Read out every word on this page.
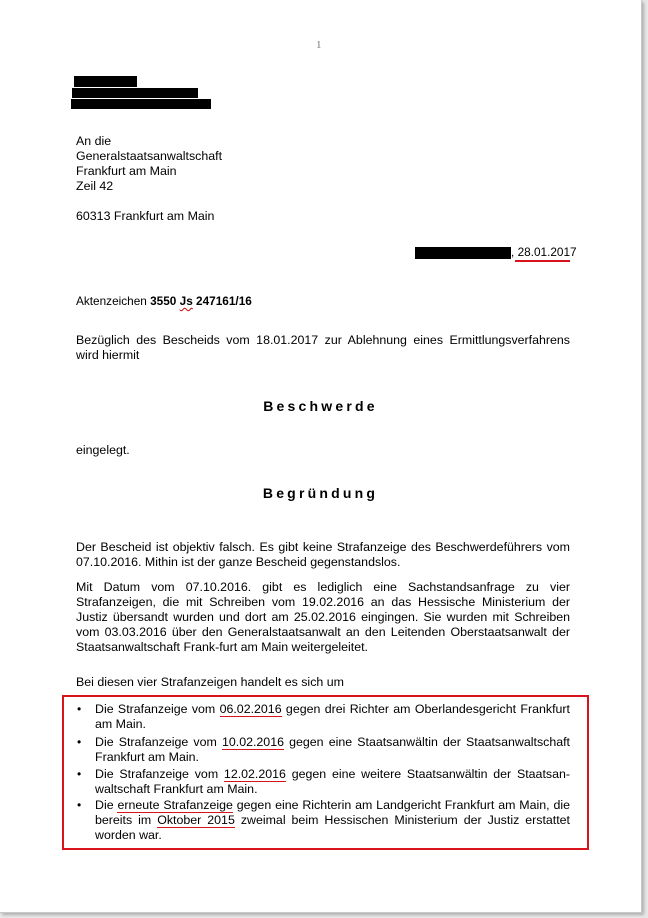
1
An die
Generalstaatsanwaltschaft
Frankfurt am Main
Zeil 42
60313 Frankfurt am Main
, 28.01.2017
Aktenzeichen 3550 Js 247161/16
Bezüglich des Bescheids vom 18.01.2017 zur Ablehnung eines Ermittlungsverfahrens wird hiermit
Beschwerde
eingelegt.
Begründung
Der Bescheid ist objektiv falsch. Es gibt keine Strafanzeige des Beschwerdeführers vom 07.10.2016. Mithin ist der ganze Bescheid gegenstandslos.
Mit Datum vom 07.10.2016. gibt es lediglich eine Sachstandsanfrage zu vier Strafanzeigen, die mit Schreiben vom 19.02.2016 an das Hessische Ministerium der Justiz übersandt wurden und dort am 25.02.2016 eingingen. Sie wurden mit Schreiben vom 03.03.2016 über den Generalstaatsanwalt an den Leitenden Oberstaatsanwalt der Staatsanwaltschaft Frank-furt am Main weitergeleitet.
Bei diesen vier Strafanzeigen handelt es sich um
• Die Strafanzeige vom 06.02.2016 gegen drei Richter am Oberlandesgericht Frankfurt am Main.
• Die Strafanzeige vom 10.02.2016 gegen eine Staatsanwältin der Staatsanwaltschaft Frankfurt am Main.
• Die Strafanzeige vom 12.02.2016 gegen eine weitere Staatsanwältin der Staatsan-waltschaft Frankfurt am Main.
• Die erneute Strafanzeige gegen eine Richterin am Landgericht Frankfurt am Main, die bereits im Oktober 2015 zweimal beim Hessischen Ministerium der Justiz erstattet worden war.
